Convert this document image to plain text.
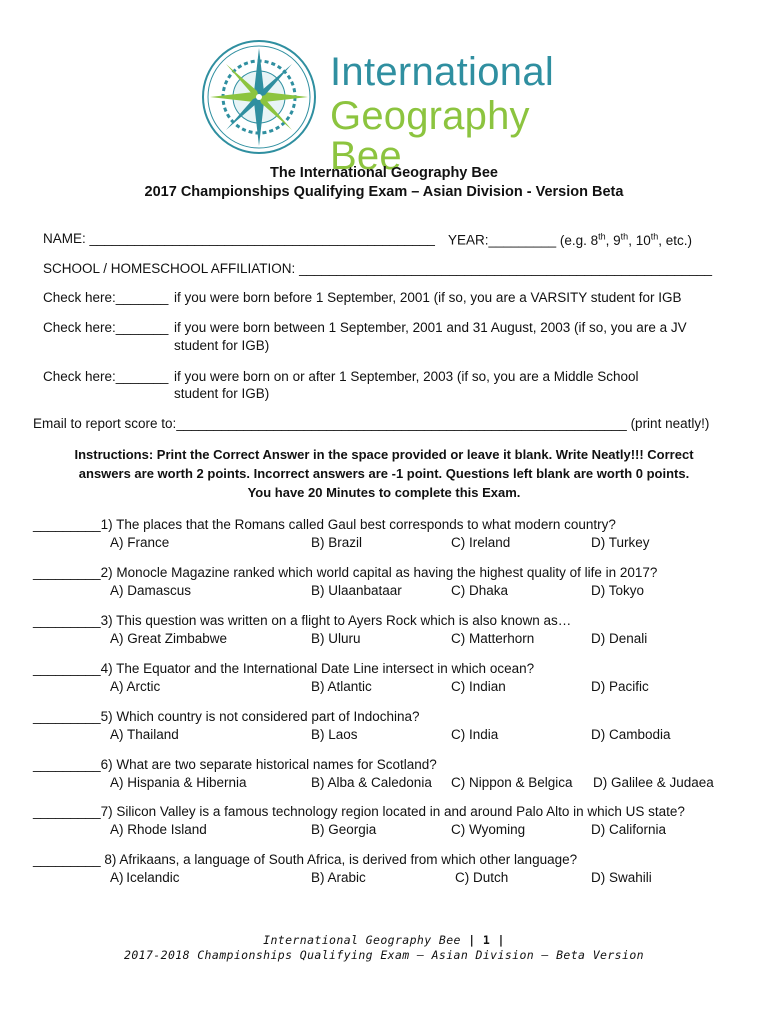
International
Geography Bee
The International Geography Bee
2017 Championships Qualifying Exam – Asian Division - Version Beta
NAME: ______________________________________________ YEAR:_________ (e.g. 8th, 9th, 10th, etc.)
SCHOOL / HOMESCHOOL AFFILIATION: _______________________________________________________
Check here:_______ if you were born before 1 September, 2001 (if so, you are a VARSITY student for IGB
Check here:_______ if you were born between 1 September, 2001 and 31 August, 2003 (if so, you are a JV
student for IGB)
Check here:_______ if you were born on or after 1 September, 2003 (if so, you are a Middle School
student for IGB)
Email to report score to:____________________________________________________________ (print neatly!)
Instructions: Print the Correct Answer in the space provided or leave it blank. Write Neatly!!! Correct
answers are worth 2 points. Incorrect answers are -1 point. Questions left blank are worth 0 points.
You have 20 Minutes to complete this Exam.
_________1) The places that the Romans called Gaul best corresponds to what modern country?
A) France	B) Brazil	C) Ireland	D) Turkey
_________2) Monocle Magazine ranked which world capital as having the highest quality of life in 2017?
A) Damascus	B) Ulaanbataar	C) Dhaka	D) Tokyo
_________3) This question was written on a flight to Ayers Rock which is also known as…
A) Great Zimbabwe	B) Uluru	C) Matterhorn	D) Denali
_________4) The Equator and the International Date Line intersect in which ocean?
A) Arctic	B) Atlantic	C) Indian	D) Pacific
_________5) Which country is not considered part of Indochina?
A) Thailand	B) Laos	C) India	D) Cambodia
_________6) What are two separate historical names for Scotland?
A) Hispania & Hibernia	B) Alba & Caledonia C) Nippon & Belgica D) Galilee & Judaea
_________7) Silicon Valley is a famous technology region located in and around Palo Alto in which US state?
A) Rhode Island	B) Georgia	C) Wyoming	D) California
_________ 8) Afrikaans, a language of South Africa, is derived from which other language?
A) Icelandic	B) Arabic	C) Dutch	D) Swahili
International Geography Bee | 1 |
2017-2018 Championships Qualifying Exam – Asian Division – Beta Version
